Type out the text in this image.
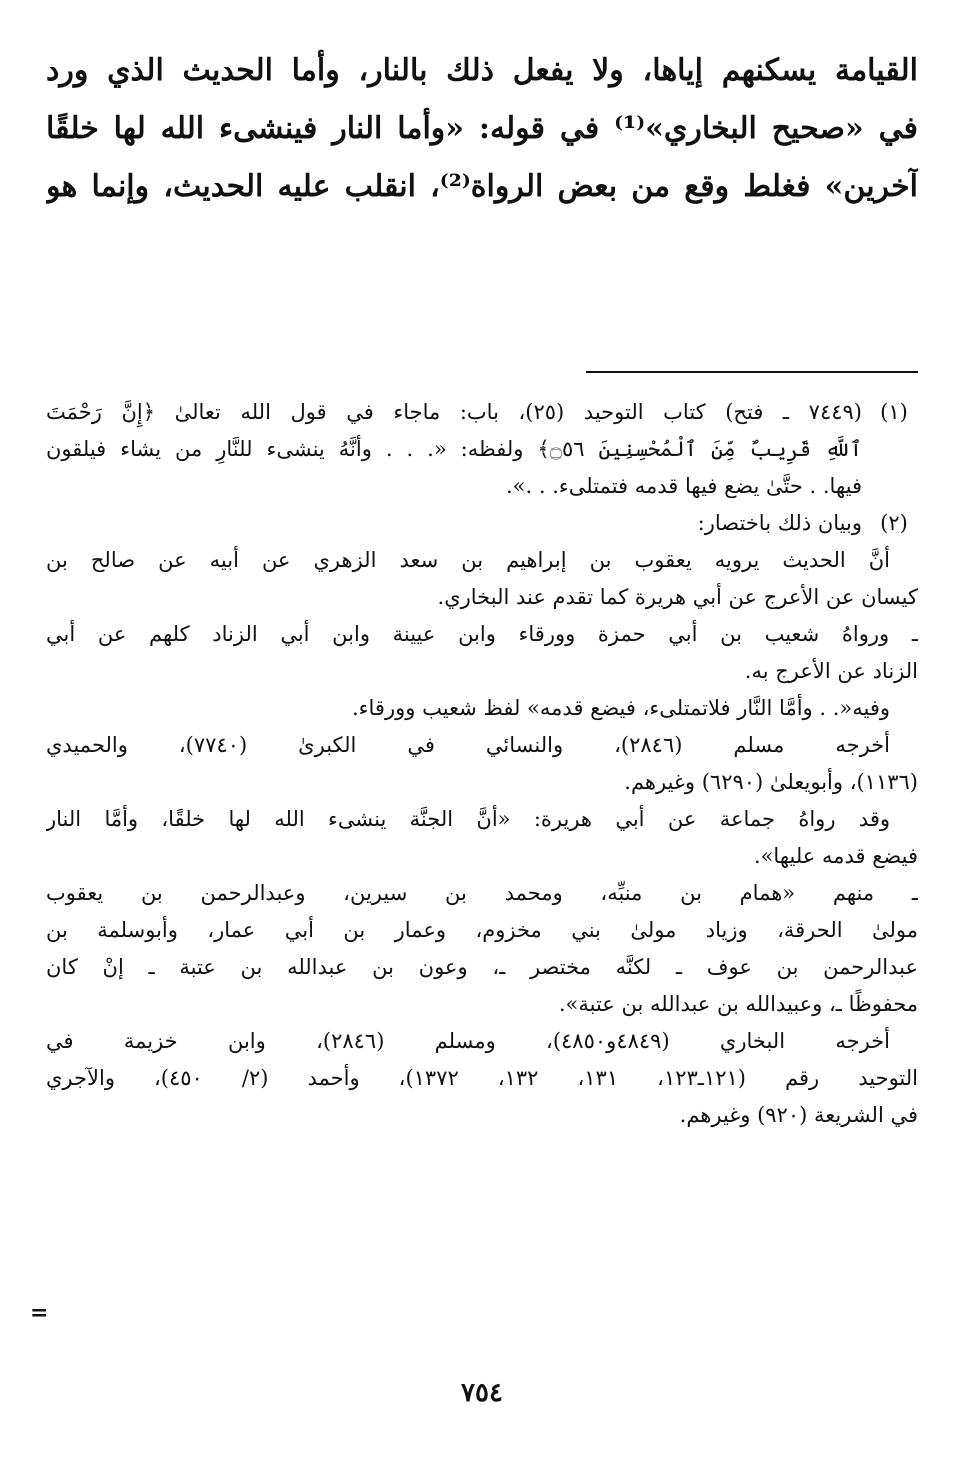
القيامة يسكنهم إياها، ولا يفعل ذلك بالنار، وأما الحديث الذي ورد
في «صحيح البخاري»⁽¹⁾ في قوله: «وأما النار فينشىء الله لها خلقًا
آخرين» فغلط وقع من بعض الرواة⁽²⁾، انقلب عليه الحديث، وإنما هو
(١)
(٧٤٤٩ ـ فتح) كتاب التوحيد (٢٥)، باب: ماجاء في قول الله تعالىٰ ﴿إِنَّ رَحْمَتَ
ٱللَّهِ قَرِيبٌ مِّنَ ٱلْمُحْسِنِينَ ۝٥٦﴾ ولفظه: «. . . وأنَّهُ ينشىء للنَّارِ من يشاء فيلقون
فيها. . حتَّىٰ يضع فيها قدمه فتمتلىء. . .».
(٢)
وبيان ذلك باختصار:
أنَّ الحديث يرويه يعقوب بن إبراهيم بن سعد الزهري عن أبيه عن صالح بن
كيسان عن الأعرج عن أبي هريرة كما تقدم عند البخاري.
ـ ورواهُ شعيب بن أبي حمزة وورقاء وابن عيينة وابن أبي الزناد كلهم عن أبي
الزناد عن الأعرج به.
وفيه«. . وأمَّا النَّار فلاتمتلىء، فيضع قدمه» لفظ شعيب وورقاء.
أخرجه مسلم (٢٨٤٦)، والنسائي في الكبرىٰ (٧٧٤٠)، والحميدي
(١١٣٦)، وأبويعلىٰ (٦٢٩٠) وغيرهم.
وقد رواهُ جماعة عن أبي هريرة: «أنَّ الجنَّة ينشىء الله لها خلقًا، وأمَّا النار
فيضع قدمه عليها».
ـ منهم «همام بن منبِّه، ومحمد بن سيرين، وعبدالرحمن بن يعقوب
مولىٰ الحرقة، وزياد مولىٰ بني مخزوم، وعمار بن أبي عمار، وأبوسلمة بن
عبدالرحمن بن عوف ـ لكنَّه مختصر ـ، وعون بن عبدالله بن عتبة ـ إنْ كان
محفوظًا ـ، وعبيدالله بن عبدالله بن عتبة».
أخرجه البخاري (٤٨٤٩و٤٨٥٠)، ومسلم (٢٨٤٦)، وابن خزيمة في
التوحيد رقم (١٢١ـ١٢٣، ١٣١، ١٣٢، ١٣٧٢)، وأحمد (٢/ ٤٥٠)، والآجري
في الشريعة (٩٢٠) وغيرهم.
=
٧٥٤
